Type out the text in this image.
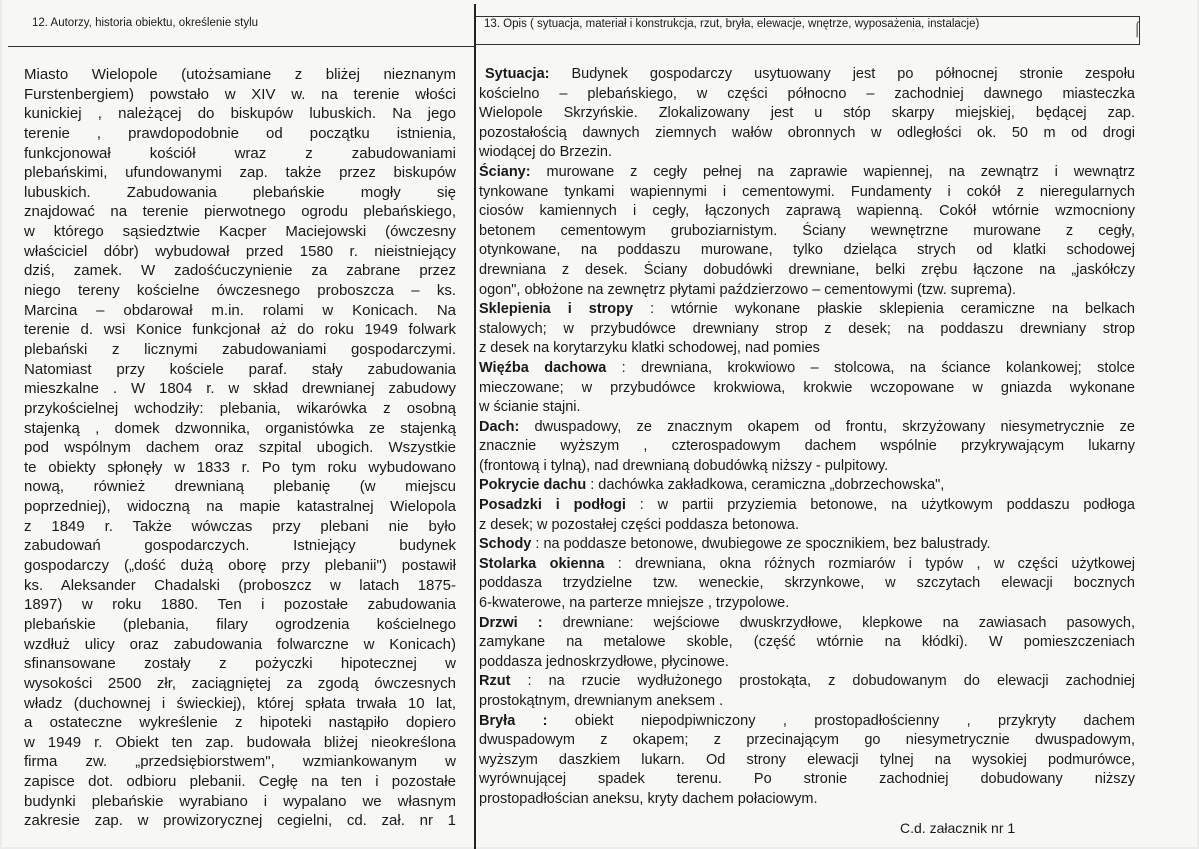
12. Autorzy, historia obiektu, określenie stylu	13. Opis ( sytuacja, materiał i konstrukcja, rzut, bryła, elewacje, wnętrze, wyposażenia, instalacje)	⌠
Miasto Wielopole (utożsamiane z bliżej nieznanym
Furstenbergiem) powstało w XIV w. na terenie włości
kunickiej , należącej do biskupów lubuskich. Na jego
terenie , prawdopodobnie od początku istnienia,
funkcjonował kościół wraz z zabudowaniami
plebańskimi, ufundowanymi zap. także przez biskupów
lubuskich. Zabudowania plebańskie mogły się
znajdować na terenie pierwotnego ogrodu plebańskiego,
w którego sąsiedztwie Kacper Maciejowski (ówczesny
właściciel dóbr) wybudował przed 1580 r. nieistniejący
dziś, zamek. W zadośćuczynienie za zabrane przez
niego tereny kościelne ówczesnego proboszcza – ks.
Marcina – obdarował m.in. rolami w Konicach. Na
terenie d. wsi Konice funkcjonał aż do roku 1949 folwark
plebański z licznymi zabudowaniami gospodarczymi.
Natomiast przy kościele paraf. stały zabudowania
mieszkalne . W 1804 r. w skład drewnianej zabudowy
przykościelnej wchodziły: plebania, wikarówka z osobną
stajenką , domek dzwonnika, organistówka ze stajenką
pod wspólnym dachem oraz szpital ubogich. Wszystkie
te obiekty spłonęły w 1833 r. Po tym roku wybudowano
nową, również drewnianą plebanię (w miejscu
poprzedniej), widoczną na mapie katastralnej Wielopola
z 1849 r. Także wówczas przy plebani nie było
zabudowań gospodarczych. Istniejący budynek
gospodarczy („dość dużą oborę przy plebanii") postawił
ks. Aleksander Chadalski (proboszcz w latach 1875-
1897) w roku 1880. Ten i pozostałe zabudowania
plebańskie (plebania, filary ogrodzenia kościelnego
wzdłuż ulicy oraz zabudowania folwarczne w Konicach)
sfinansowane zostały z pożyczki hipotecznej w
wysokości 2500 złr, zaciągniętej za zgodą ówczesnych
władz (duchownej i świeckiej), której spłata trwała 10 lat,
a ostateczne wykreślenie z hipoteki nastąpiło dopiero
w 1949 r. Obiekt ten zap. budowała bliżej nieokreślona
firma zw. „przedsiębiorstwem", wzmiankowanym w
zapisce dot. odbioru plebanii. Cegłę na ten i pozostałe
budynki plebańskie wyrabiano i wypalano we własnym
zakresie zap. w prowizorycznej cegielni, cd. zał. nr 1
Sytuacja: Budynek gospodarczy usytuowany jest po północnej stronie zespołu
kościelno – plebańskiego, w części północno – zachodniej dawnego miasteczka
Wielopole Skrzyńskie. Zlokalizowany jest u stóp skarpy miejskiej, będącej zap.
pozostałością dawnych ziemnych wałów obronnych w odległości ok. 50 m od drogi
wiodącej do Brzezin.
Ściany: murowane z cegły pełnej na zaprawie wapiennej, na zewnątrz i wewnątrz
tynkowane tynkami wapiennymi i cementowymi. Fundamenty i cokół z nieregularnych
ciosów kamiennych i cegły, łączonych zaprawą wapienną. Cokół wtórnie wzmocniony
betonem cementowym gruboziarnistym. Ściany wewnętrzne murowane z cegły,
otynkowane, na poddaszu murowane, tylko dzieląca strych od klatki schodowej
drewniana z desek. Ściany dobudówki drewniane, belki zrębu łączone na „jaskółczy
ogon", obłożone na zewnętrz płytami paździerzowo – cementowymi (tzw. suprema).
Sklepienia i stropy : wtórnie wykonane płaskie sklepienia ceramiczne na belkach
stalowych; w przybudówce drewniany strop z desek; na poddaszu drewniany strop
z desek na korytarzyku klatki schodowej, nad pomies
Więźba dachowa : drewniana, krokwiowo – stolcowa, na ściance kolankowej; stolce
mieczowane; w przybudówce krokwiowa, krokwie wczopowane w gniazda wykonane
w ścianie stajni.
Dach: dwuspadowy, ze znacznym okapem od frontu, skrzyżowany niesymetrycznie ze
znacznie wyższym , czterospadowym dachem wspólnie przykrywającym lukarny
(frontową i tylną), nad drewnianą dobudówką niższy - pulpitowy.
Pokrycie dachu : dachówka zakładkowa, ceramiczna „dobrzechowska",
Posadzki i podłogi : w partii przyziemia betonowe, na użytkowym poddaszu podłoga
z desek; w pozostałej części poddasza betonowa.
Schody : na poddasze betonowe, dwubiegowe ze spocznikiem, bez balustrady.
Stolarka okienna : drewniana, okna różnych rozmiarów i typów , w części użytkowej
poddasza trzydzielne tzw. weneckie, skrzynkowe, w szczytach elewacji bocznych
6-kwaterowe, na parterze mniejsze , trzypolowe.
Drzwi : drewniane: wejściowe dwuskrzydłowe, klepkowe na zawiasach pasowych,
zamykane na metalowe skoble, (część wtórnie na kłódki). W pomieszczeniach
poddasza jednoskrzydłowe, płycinowe.
Rzut : na rzucie wydłużonego prostokąta, z dobudowanym do elewacji zachodniej
prostokątnym, drewnianym aneksem .
Bryła : obiekt niepodpiwniczony , prostopadłościenny , przykryty dachem
dwuspadowym z okapem; z przecinającym go niesymetrycznie dwuspadowym,
wyższym daszkiem lukarn. Od strony elewacji tylnej na wysokiej podmurówce,
wyrównującej spadek terenu. Po stronie zachodniej dobudowany niższy
prostopadłościan aneksu, kryty dachem połaciowym.
C.d. załacznik nr 1
